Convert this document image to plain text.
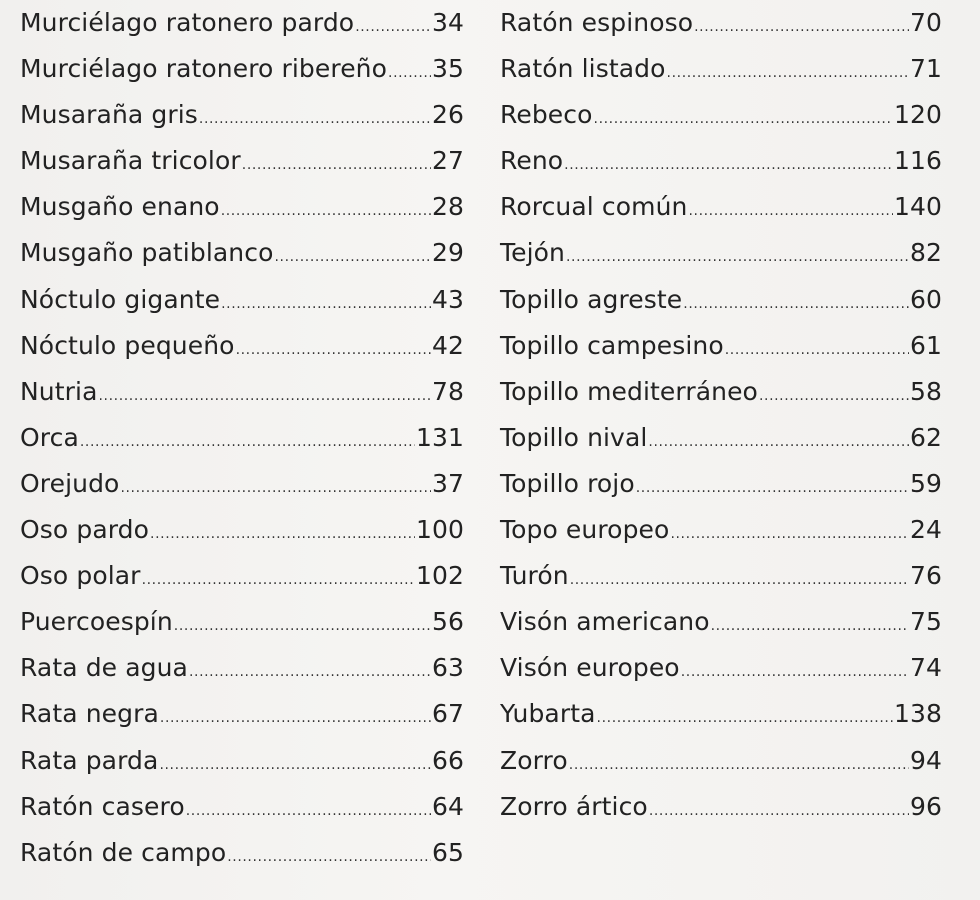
Murciélago ratonero pardo .....	34
Murciélago ratonero ribereño ..... 35
Musaraña gris .....	26
Musaraña tricolor .....	27
Musgaño enano .....	28
Musgaño patiblanco .....	29
Nóctulo gigante .....	43
Nóctulo pequeño .....	42
Nutria .....	78
Orca .....	131
Orejudo .....	37
Oso pardo .....	100
Oso polar .....	102
Puercoespín .....	56
Rata de agua .....	63
Rata negra .....	67
Rata parda .....	66
Ratón casero .....	64
Ratón de campo .....	65
Ratón espinoso .....	70
Ratón listado .....	71
Rebeco .....	120
Reno .....	116
Rorcual común .....	140
Tejón .....	82
Topillo agreste .....	60
Topillo campesino .....	61
Topillo mediterráneo .....	58
Topillo nival .....	62
Topillo rojo .....	59
Topo europeo .....	24
Turón .....	76
Visón americano .....	75
Visón europeo .....	74
Yubarta .....	138
Zorro .....	94
Zorro ártico .....	96
